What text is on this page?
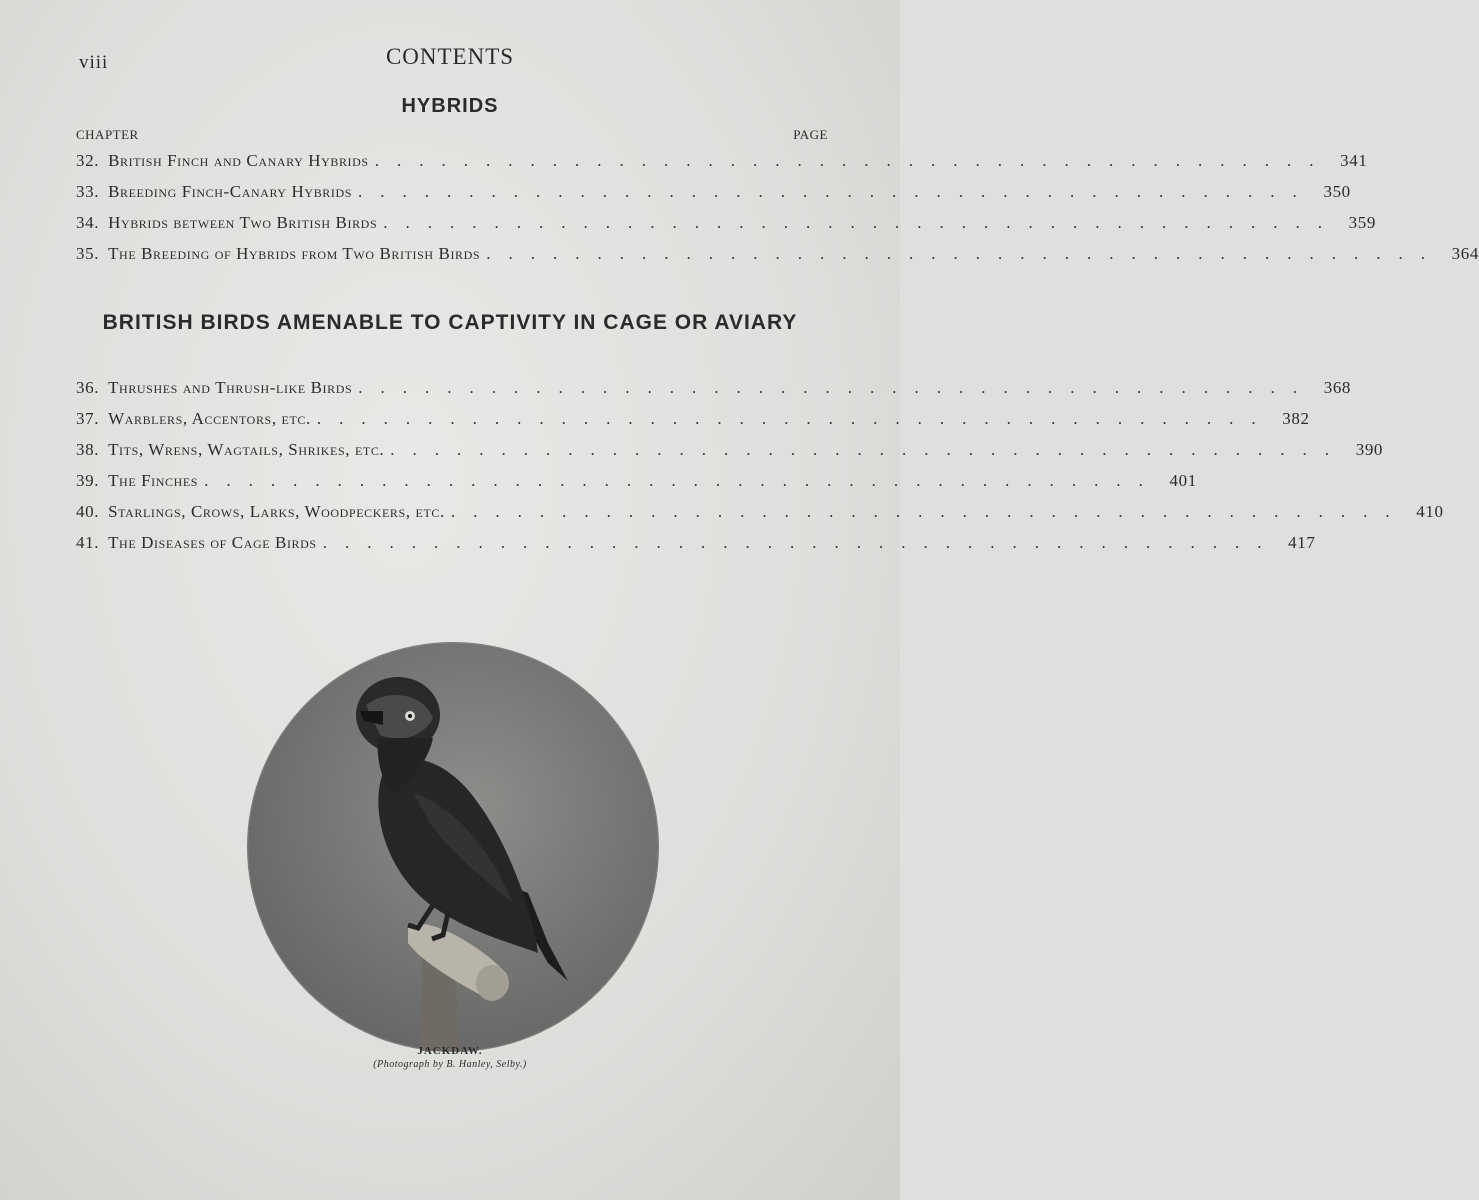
viii	CONTENTS
HYBRIDS
CHAPTER	PAGE
32. British Finch and Canary Hybrids ........................................... 341
33. Breeding Finch-Canary Hybrids ........................................... 350
34. Hybrids between Two British Birds ........................................... 359
35. The Breeding of Hybrids from Two British Birds ........................................... 364
BRITISH BIRDS AMENABLE TO CAPTIVITY IN CAGE OR AVIARY
36. Thrushes and Thrush-like Birds ........................................... 368
37. Warblers, Accentors, etc. ........................................... 382
38. Tits, Wrens, Wagtails, Shrikes, etc. ........................................... 390
39. The Finches ........................................... 401
40. Starlings, Crows, Larks, Woodpeckers, etc. ........................................... 410
41. The Diseases of Cage Birds ........................................... 417
JACKDAW.
(Photograph by B. Hanley, Selby.)
